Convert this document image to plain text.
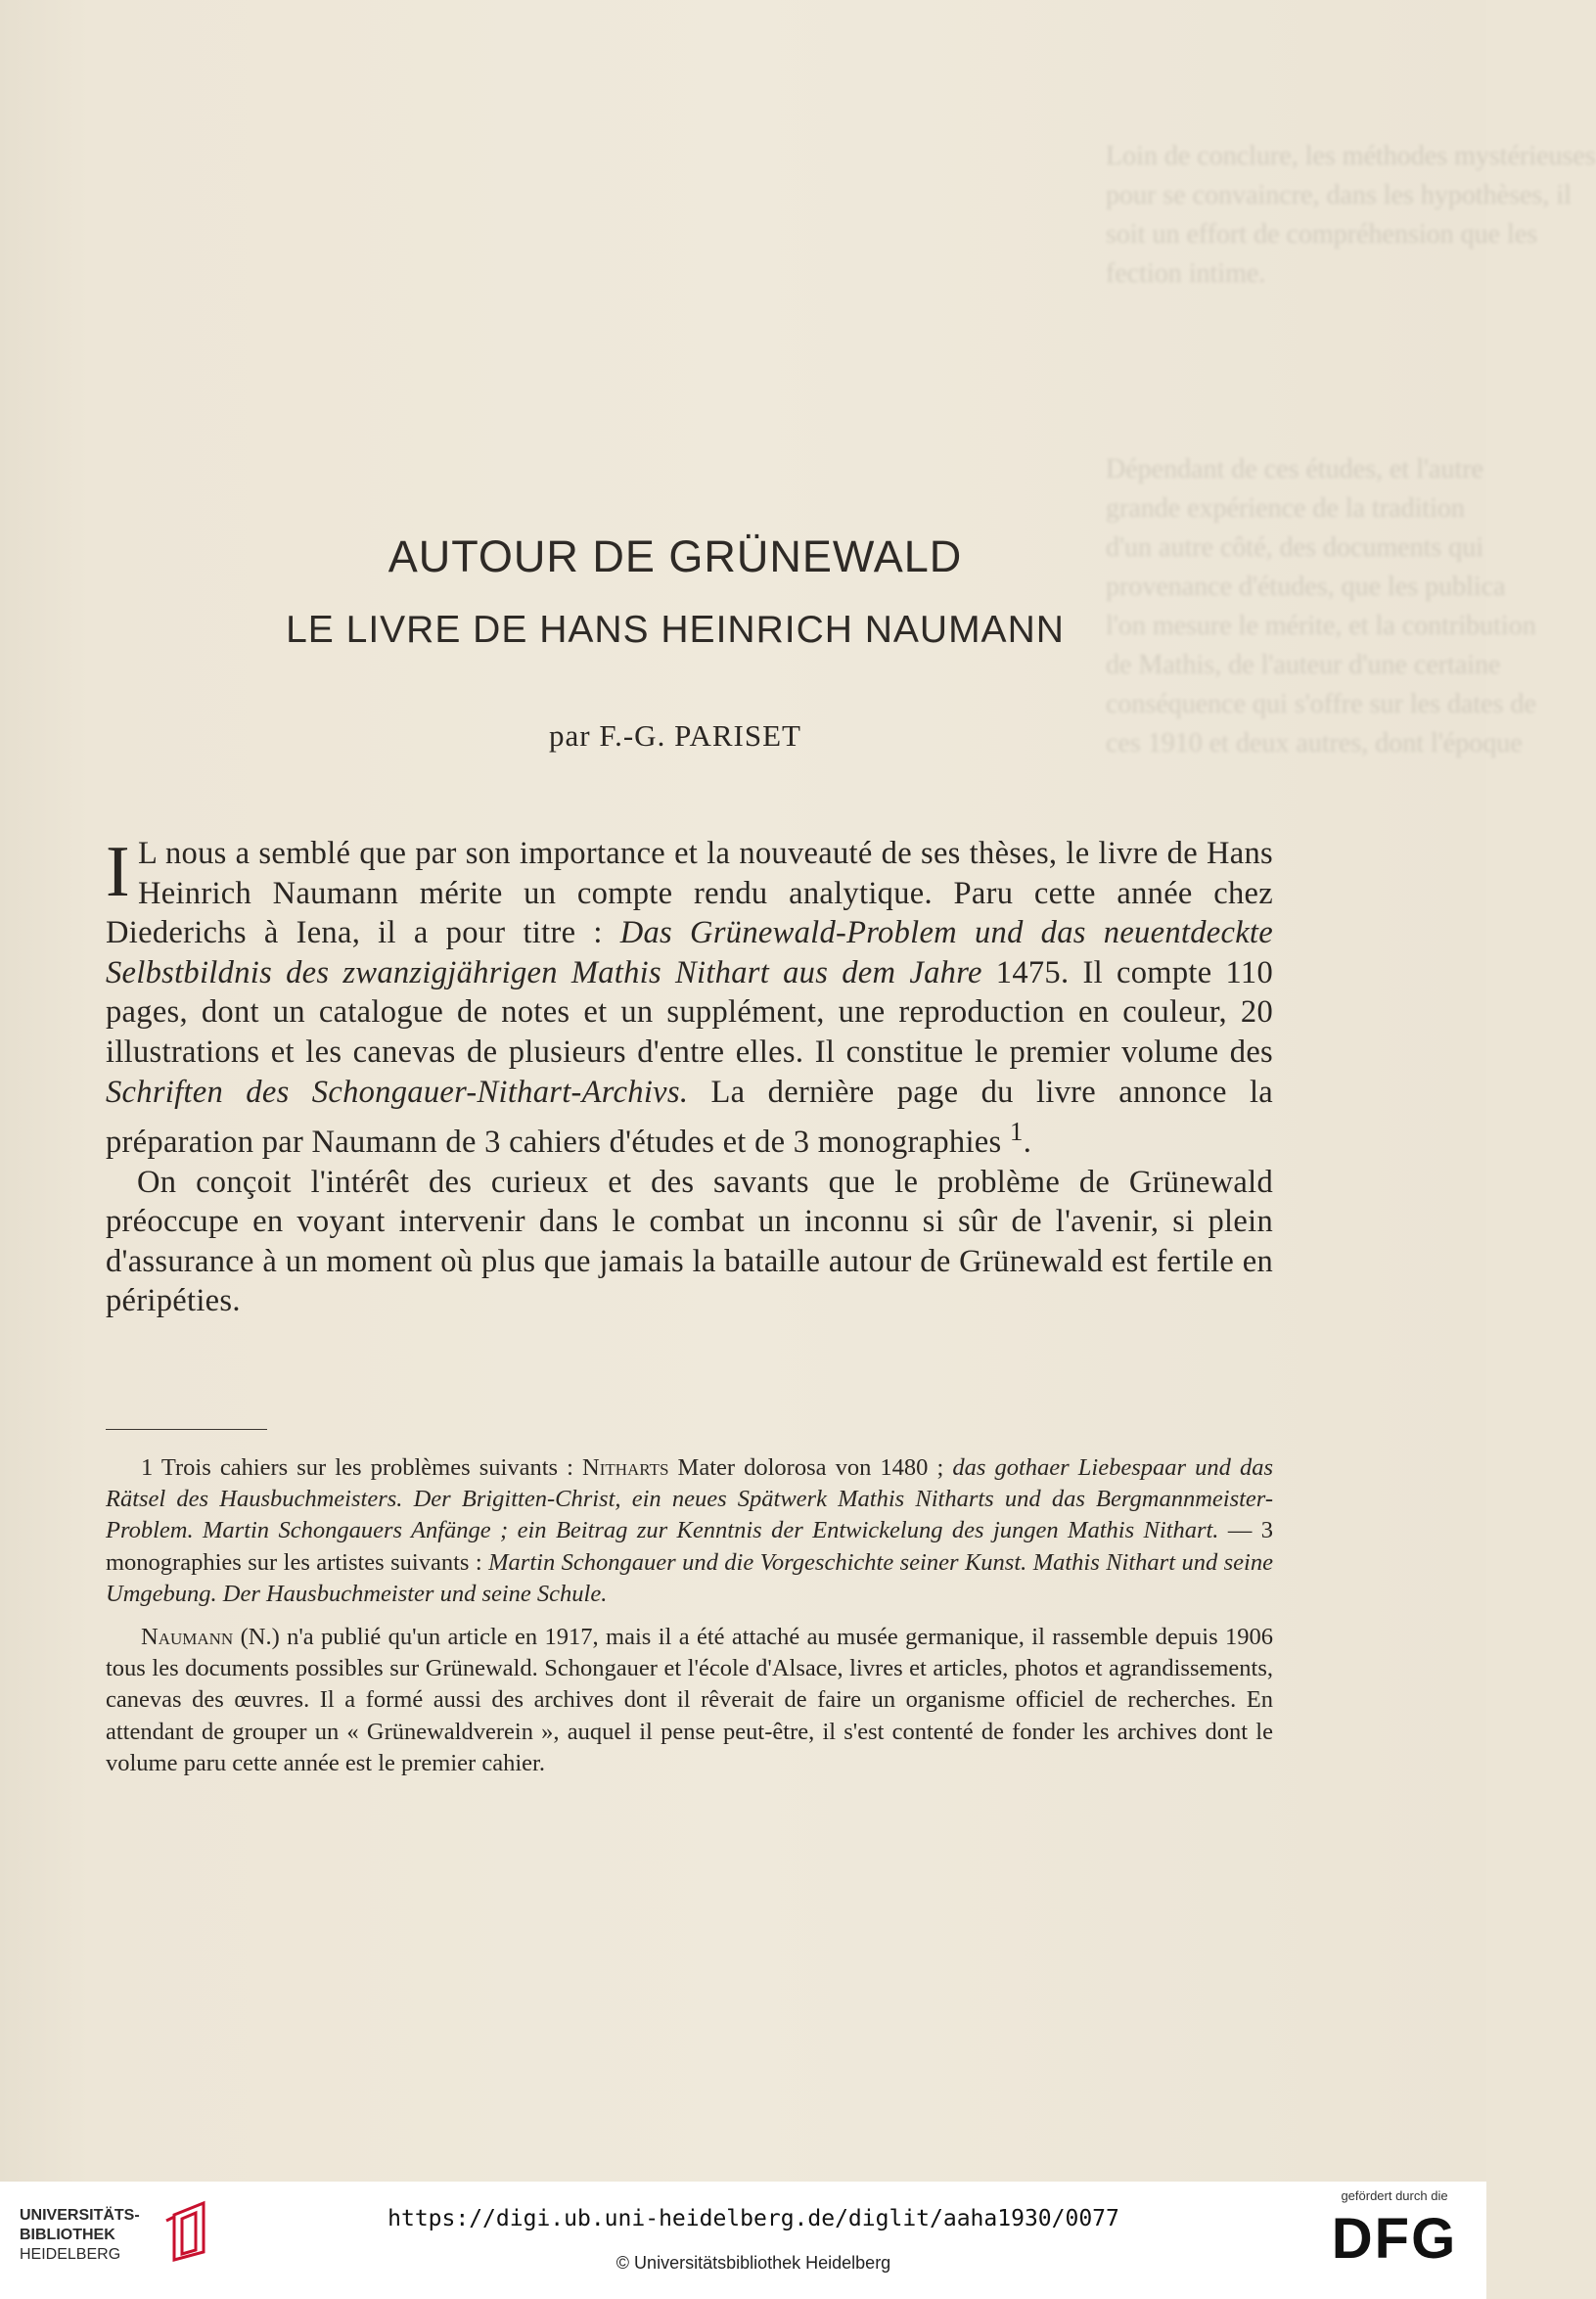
Loin de conclure, les méthodes mystérieuses
pour se convaincre, dans les hypothèses, il
soit un effort de compréhension que les
fection intime.

Dépendant de ces études, et l'autre
grande expérience de la tradition
d'un autre côté, des documents qui
provenance d'études, que les publica
l'on mesure le mérite, et la contribution
de Mathis, de l'auteur d'une certaine
conséquence qui s'offre sur les dates de
ces 1910 et deux autres, dont l'époque
AUTOUR DE GRÜNEWALD
LE LIVRE DE HANS HEINRICH NAUMANN
par F.-G. PARISET

I L nous a semblé que par son importance et la nouveauté de ses thèses, le livre de Hans Heinrich Naumann mérite un compte rendu analytique. Paru cette année chez Diederichs à Iena, il a pour titre : Das Grünewald-Problem und das neuentdeckte Selbstbildnis des zwanzigjährigen Mathis Nithart aus dem Jahre 1475. Il compte 110 pages, dont un catalogue de notes et un supplément, une reproduction en couleur, 20 illustrations et les canevas de plusieurs d'entre elles. Il constitue le premier volume des Schriften des Schongauer-Nithart-Archivs. La dernière page du livre annonce la préparation par Naumann de 3 cahiers d'études et de 3 monographies $^1$.

On conçoit l'intérêt des curieux et des savants que le problème de Grünewald préoccupe en voyant intervenir dans le combat un inconnu si sûr de l'avenir, si plein d'assurance à un moment où plus que jamais la bataille autour de Grünewald est fertile en péripéties.

1 Trois cahiers sur les problèmes suivants : Nitharts Mater dolorosa von 1480 ; das gothaer Liebespaar und das Rätsel des Hausbuchmeisters. Der Brigitten-Christ, ein neues Spätwerk Mathis Nitharts und das Bergmannmeister-Problem. Martin Schongauers Anfänge ; ein Beitrag zur Kenntnis der Entwickelung des jungen Mathis Nithart. — 3 monographies sur les artistes suivants : Martin Schongauer und die Vorgeschichte seiner Kunst. Mathis Nithart und seine Umgebung. Der Hausbuchmeister und seine Schule.

Naumann (N.) n'a publié qu'un article en 1917, mais il a été attaché au musée germanique, il rassemble depuis 1906 tous les documents possibles sur Grünewald. Schongauer et l'école d'Alsace, livres et articles, photos et agrandissements, canevas des œuvres. Il a formé aussi des archives dont il rêverait de faire un organisme officiel de recherches. En attendant de grouper un « Grünewaldverein », auquel il pense peut-être, il s'est contenté de fonder les archives dont le volume paru cette année est le premier cahier.

UNIVERSITÄTS-
BIBLIOTHEK
HEIDELBERG
https://digi.ub.uni-heidelberg.de/diglit/aaha1930/0077
© Universitätsbibliothek Heidelberg
gefördert durch die
DFG
